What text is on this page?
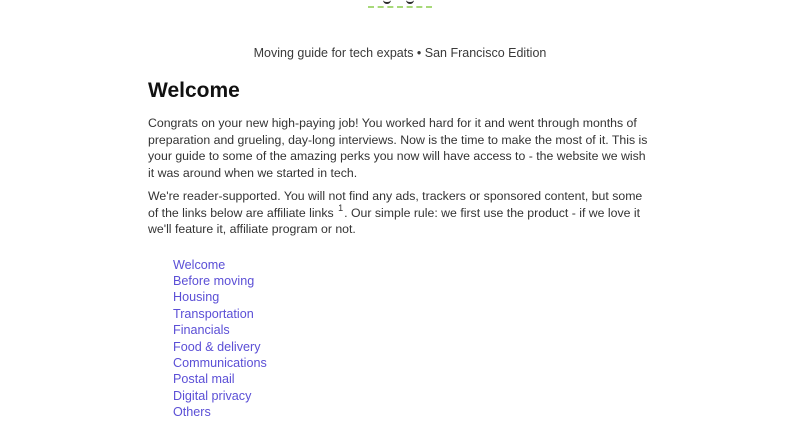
Moving guide for tech expats • San Francisco Edition
Welcome

Congrats on your new high-paying job! You worked hard for it and went through months of preparation and grueling, day-long interviews. Now is the time to make the most of it. This is your guide to some of the amazing perks you now will have access to - the website we wish it was around when we started in tech.

We're reader-supported. You will not find any ads, trackers or sponsored content, but some of the links below are affiliate links $^1$. Our simple rule: we first use the product - if we love it we'll feature it, affiliate program or not.

Welcome
Before moving
Housing
Transportation
Financials
Food & delivery
Communications
Postal mail
Digital privacy
Others
